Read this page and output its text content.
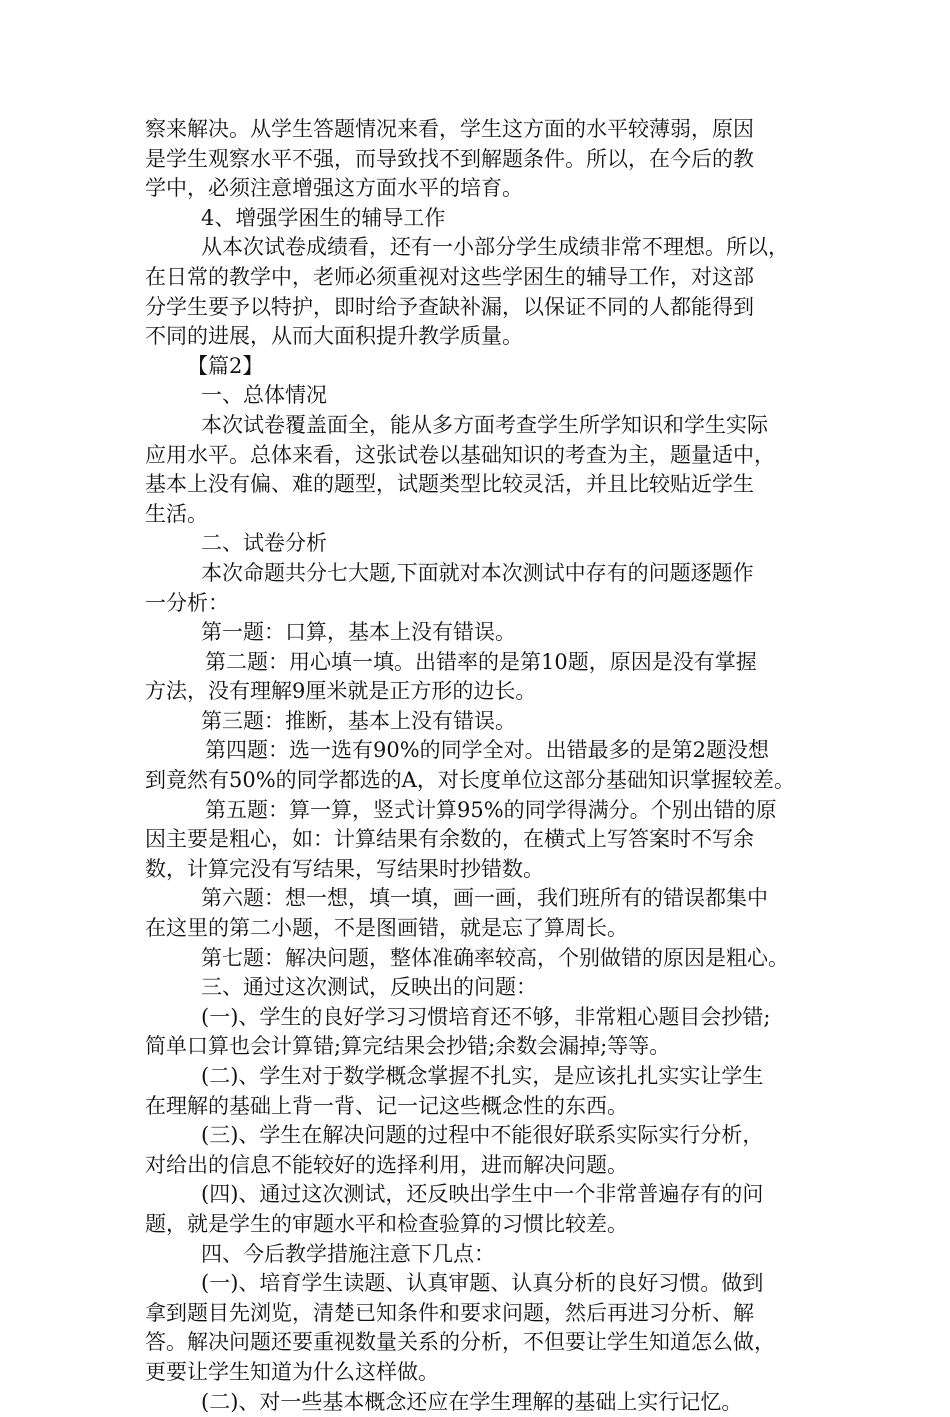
察来解决。从学生答题情况来看，学生这方面的水平较薄弱，原因
是学生观察水平不强，而导致找不到解题条件。所以，在今后的教
学中，必须注意增强这方面水平的培育。
4、增强学困生的辅导工作
从本次试卷成绩看，还有一小部分学生成绩非常不理想。所以，
在日常的教学中，老师必须重视对这些学困生的辅导工作，对这部
分学生要予以特护，即时给予查缺补漏，以保证不同的人都能得到
不同的进展，从而大面积提升教学质量。
【篇2】
一、总体情况
本次试卷覆盖面全，能从多方面考查学生所学知识和学生实际
应用水平。总体来看，这张试卷以基础知识的考查为主，题量适中，
基本上没有偏、难的题型，试题类型比较灵活，并且比较贴近学生
生活。
二、试卷分析
本次命题共分七大题,下面就对本次测试中存有的问题逐题作
一分析：
第一题：口算，基本上没有错误。
第二题：用心填一填。出错率的是第10题，原因是没有掌握
方法，没有理解9厘米就是正方形的边长。
第三题：推断，基本上没有错误。
第四题：选一选有90%的同学全对。出错最多的是第2题没想
到竟然有50%的同学都选的A，对长度单位这部分基础知识掌握较差。
第五题：算一算，竖式计算95%的同学得满分。个别出错的原
因主要是粗心，如：计算结果有余数的，在横式上写答案时不写余
数，计算完没有写结果，写结果时抄错数。
第六题：想一想，填一填，画一画，我们班所有的错误都集中
在这里的第二小题，不是图画错，就是忘了算周长。
第七题：解决问题，整体准确率较高，个别做错的原因是粗心。
三、通过这次测试，反映出的问题：
(一)、学生的良好学习习惯培育还不够，非常粗心题目会抄错;
简单口算也会计算错;算完结果会抄错;余数会漏掉;等等。
(二)、学生对于数学概念掌握不扎实，是应该扎扎实实让学生
在理解的基础上背一背、记一记这些概念性的东西。
(三)、学生在解决问题的过程中不能很好联系实际实行分析，
对给出的信息不能较好的选择利用，进而解决问题。
(四)、通过这次测试，还反映出学生中一个非常普遍存有的问
题，就是学生的审题水平和检查验算的习惯比较差。
四、今后教学措施注意下几点：
(一)、培育学生读题、认真审题、认真分析的良好习惯。做到
拿到题目先浏览，清楚已知条件和要求问题，然后再进习分析、解
答。解决问题还要重视数量关系的分析，不但要让学生知道怎么做，
更要让学生知道为什么这样做。
(二)、对一些基本概念还应在学生理解的基础上实行记忆。
